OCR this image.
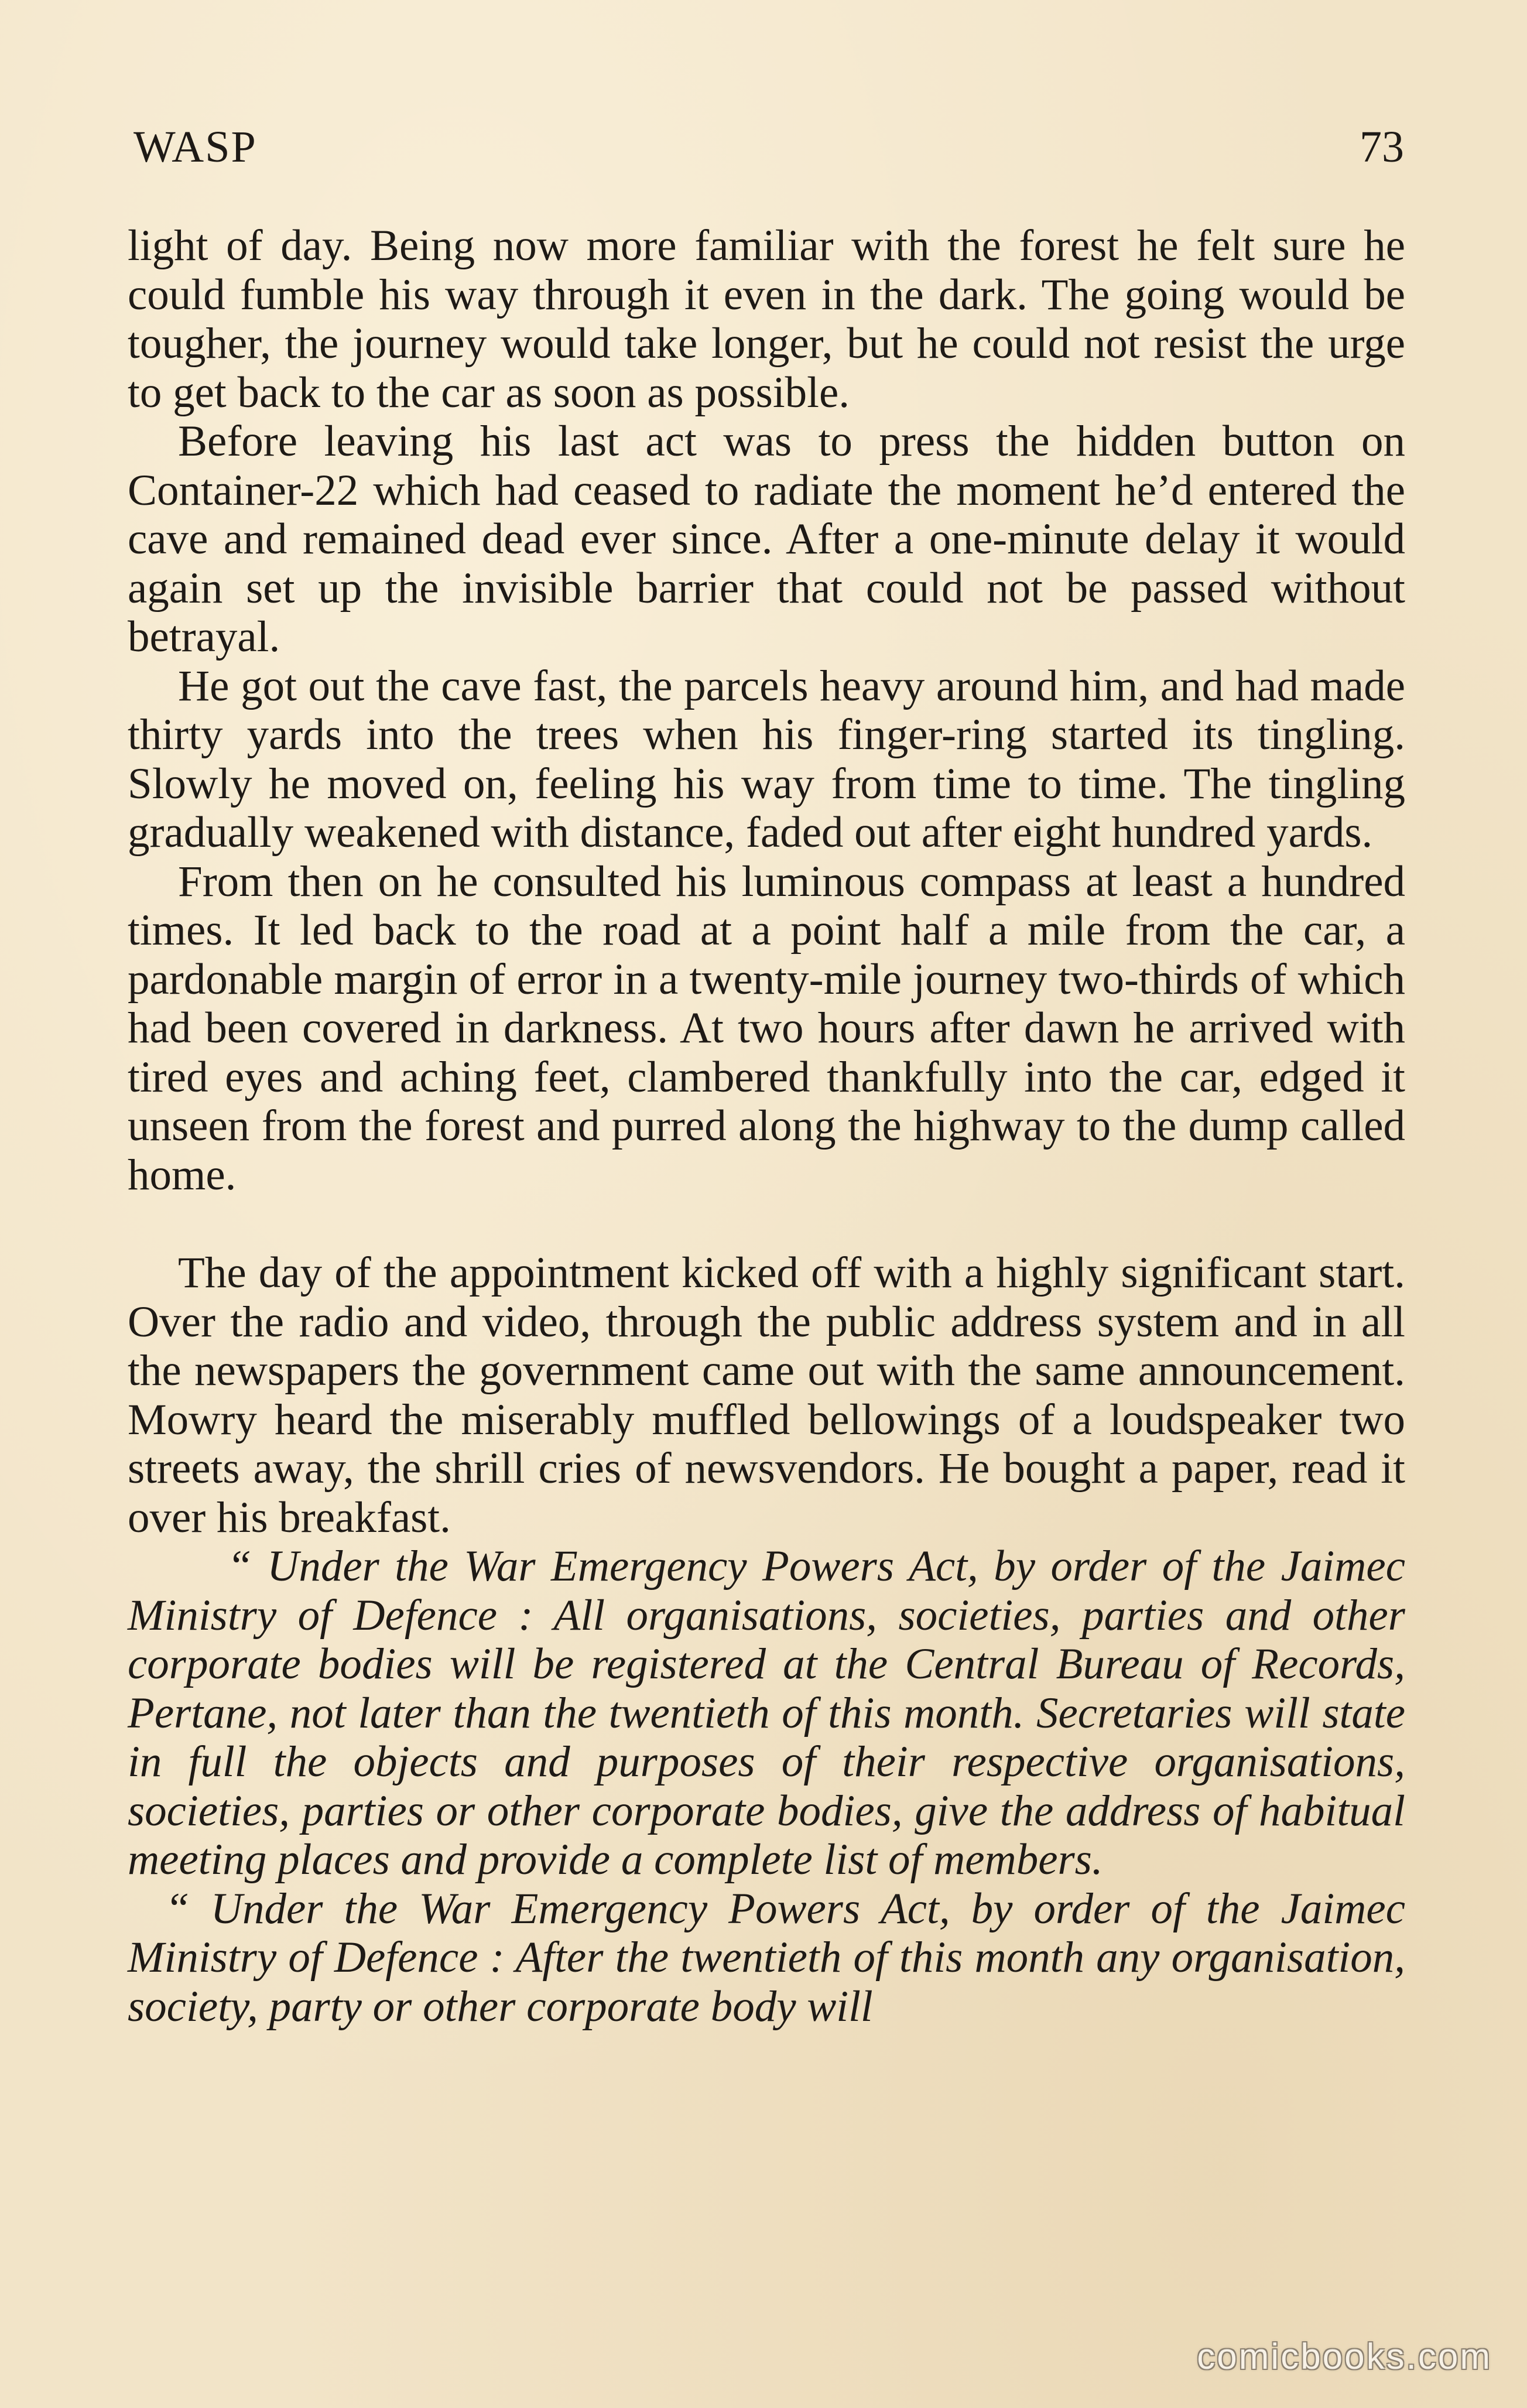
WASP	73

light of day. Being now more familiar with the forest he felt sure he could fumble his way through it even in the dark. The going would be tougher, the journey would take longer, but he could not resist the urge to get back to the car as soon as possible.

Before leaving his last act was to press the hidden button on Container-22 which had ceased to radiate the moment he’d entered the cave and remained dead ever since. After a one-minute delay it would again set up the invisible barrier that could not be passed without betrayal.

He got out the cave fast, the parcels heavy around him, and had made thirty yards into the trees when his finger-ring started its tingling. Slowly he moved on, feeling his way from time to time. The tingling gradually weakened with distance, faded out after eight hundred yards.

From then on he consulted his luminous compass at least a hundred times. It led back to the road at a point half a mile from the car, a pardonable margin of error in a twenty-mile journey two-thirds of which had been covered in darkness. At two hours after dawn he arrived with tired eyes and aching feet, clambered thankfully into the car, edged it unseen from the forest and purred along the highway to the dump called home.

The day of the appointment kicked off with a highly significant start. Over the radio and video, through the public address system and in all the newspapers the government came out with the same announcement. Mowry heard the miserably muffled bellowings of a loudspeaker two streets away, the shrill cries of newsvendors. He bought a paper, read it over his breakfast.

“ Under the War Emergency Powers Act, by order of the Jaimec Ministry of Defence : All organisations, societies, parties and other corporate bodies will be registered at the Central Bureau of Records, Pertane, not later than the twentieth of this month. Secretaries will state in full the objects and purposes of their respective organisations, societies, parties or other corporate bodies, give the address of habitual meeting places and provide a complete list of members.

“ Under the War Emergency Powers Act, by order of the Jaimec Ministry of Defence : After the twentieth of this month any organisation, society, party or other corporate body will

comicbooks.com
